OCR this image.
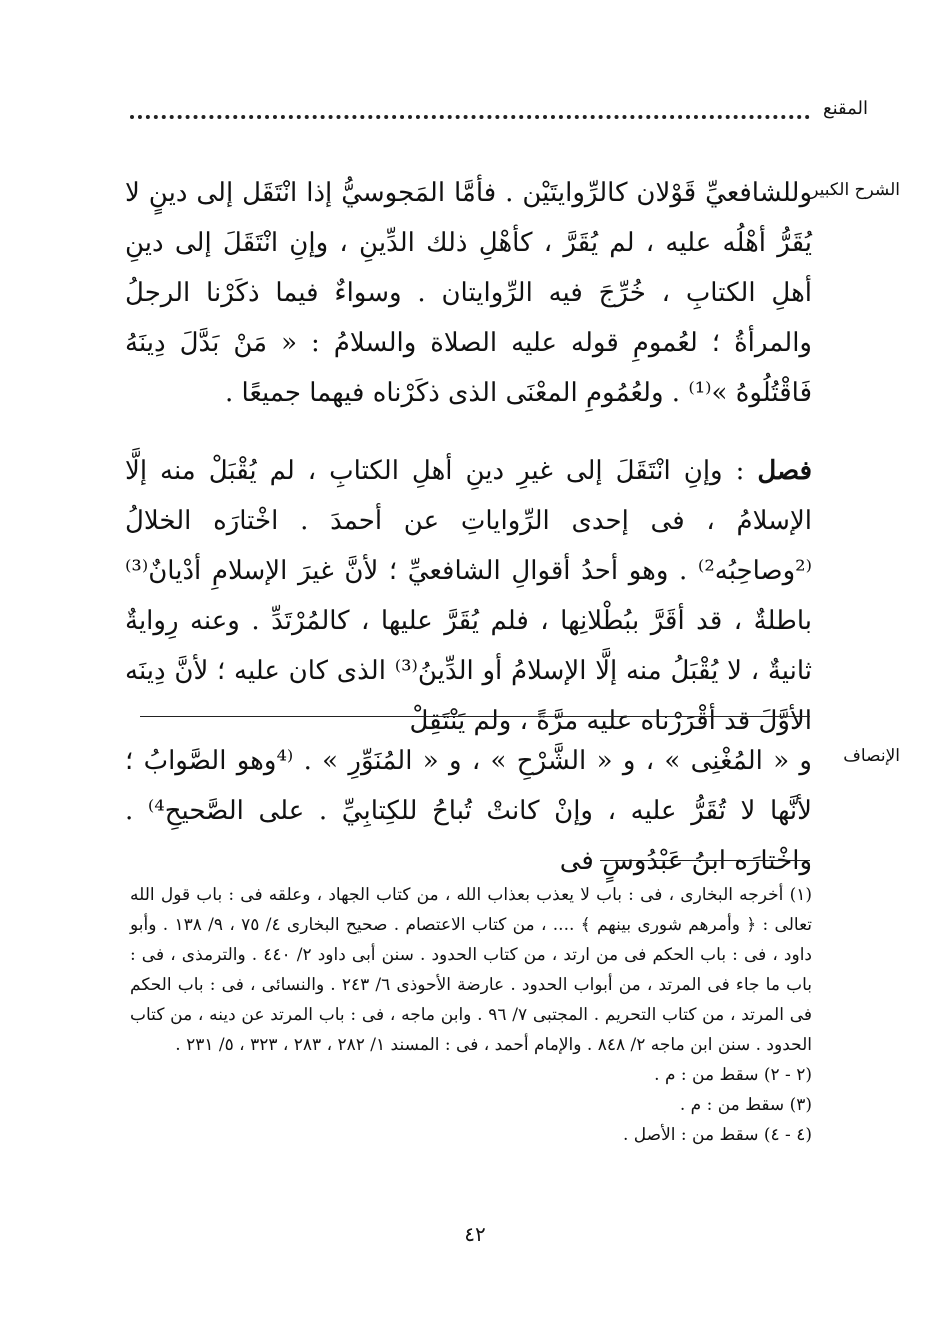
المقنع
الشرح الكبير

وللشافعيِّ قَوْلان كالرِّوايتَيْن . فأمَّا المَجوسيُّ إذا انْتَقَل إلى دينٍ لا يُقَرُّ أهْلُه عليه ، لم يُقَرَّ ، كأهْلِ ذلك الدِّينِ ، وإنِ انْتَقَلَ إلى دينِ أهلِ الكتابِ ، خُرِّجَ فيه الرِّوايتان . وسواءٌ فيما ذكَرْنا الرجلُ والمرأةُ ؛ لعُمومِ قوله عليه الصلاة والسلامُ : « مَنْ بَدَّلَ دِينَهُ فَاقْتُلُوهُ »⁽¹⁾ . ولعُمُومِ المعْنَى الذى ذكَرْناه فيهما جميعًا .

فصل : وإنِ انْتَقَلَ إلى غيرِ دينِ أهلِ الكتابِ ، لم يُقْبَلْ منه إلَّا الإسلامُ ، فى إحدى الرِّواياتِ عن أحمدَ . اخْتارَه الخلالُ ⁽²وصاحِبُه²⁾ . وهو أحدُ أقوالِ الشافعيِّ ؛ لأنَّ غيرَ الإسلامِ أدْيانٌ⁽³⁾ باطلةٌ ، قد أقَرَّ ببُطْلانِها ، فلم يُقَرَّ عليها ، كالمُرْتَدِّ . وعنه رِوايةٌ ثانيةٌ ، لا يُقْبَلُ منه إلَّا الإسلامُ أو الدِّينُ⁽³⁾ الذى كان عليه ؛ لأنَّ دِينَه الأوَّلَ قد أقْرَرْناه عليه مرَّةً ، ولم يَنْتَقِلْ

الإنصاف

و « المُغْنِى » ، و « الشَّرْحِ » ، و « المُنَوِّرِ » . ⁽⁴وهو الصَّوابُ ؛ لأنَّها لا تُقَرُّ عليه ، وإنْ كانتْ تُباحُ للكِتابِيِّ . على الصَّحيحِ⁴⁾ . واخْتارَه ابنُ عَبْدُوسٍ فى

(١) أخرجه البخارى ، فى : باب لا يعذب بعذاب الله ، من كتاب الجهاد ، وعلقه فى : باب قول الله تعالى : ﴿ وأمرهم شورى بينهم ﴾ .... ، من كتاب الاعتصام . صحيح البخارى ٤/ ٧٥ ، ٩/ ١٣٨ . وأبو داود ، فى : باب الحكم فى من ارتد ، من كتاب الحدود . سنن أبى داود ٢/ ٤٤٠ . والترمذى ، فى : باب ما جاء فى المرتد ، من أبواب الحدود . عارضة الأحوذى ٦/ ٢٤٣ . والنسائى ، فى : باب الحكم فى المرتد ، من كتاب التحريم . المجتبى ٧/ ٩٦ . وابن ماجه ، فى : باب المرتد عن دينه ، من كتاب الحدود . سنن ابن ماجه ٢/ ٨٤٨ . والإمام أحمد ، فى : المسند ١/ ٢٨٢ ، ٢٨٣ ، ٣٢٣ ، ٥/ ٢٣١ .

(٢ - ٢) سقط من : م .

(٣) سقط من : م .

(٤ - ٤) سقط من : الأصل .

٤٢
